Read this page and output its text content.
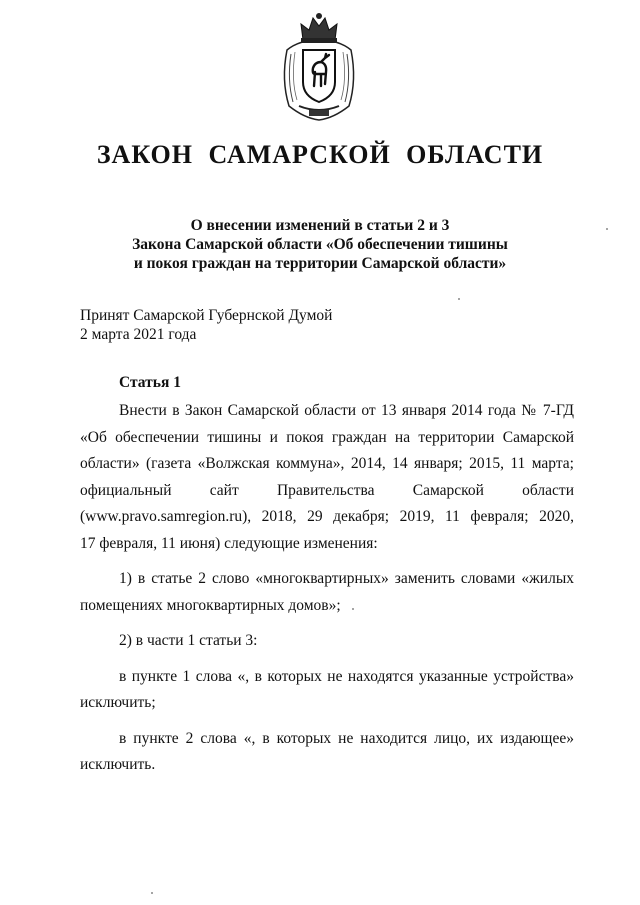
ЗАКОН САМАРСКОЙ ОБЛАСТИ
О внесении изменений в статьи 2 и 3
Закона Самарской области «Об обеспечении тишины
и покоя граждан на территории Самарской области»
Принят Самарской Губернской Думой
2 марта 2021 года
Статья 1
Внести в Закон Самарской области от 13 января 2014 года № 7-ГД
«Об обеспечении тишины и покоя граждан на территории Самарской
области» (газета «Волжская коммуна», 2014, 14 января; 2015, 11 марта;
официальный сайт Правительства Самарской области
(www.pravo.samregion.ru), 2018, 29 декабря; 2019, 11 февраля; 2020,
17 февраля, 11 июня) следующие изменения:
1) в статье 2 слово «многоквартирных» заменить словами «жилых
помещениях многоквартирных домов»;
2) в части 1 статьи 3:
в пункте 1 слова «, в которых не находятся указанные устройства»
исключить;
в пункте 2 слова «, в которых не находится лицо, их издающее»
исключить.
